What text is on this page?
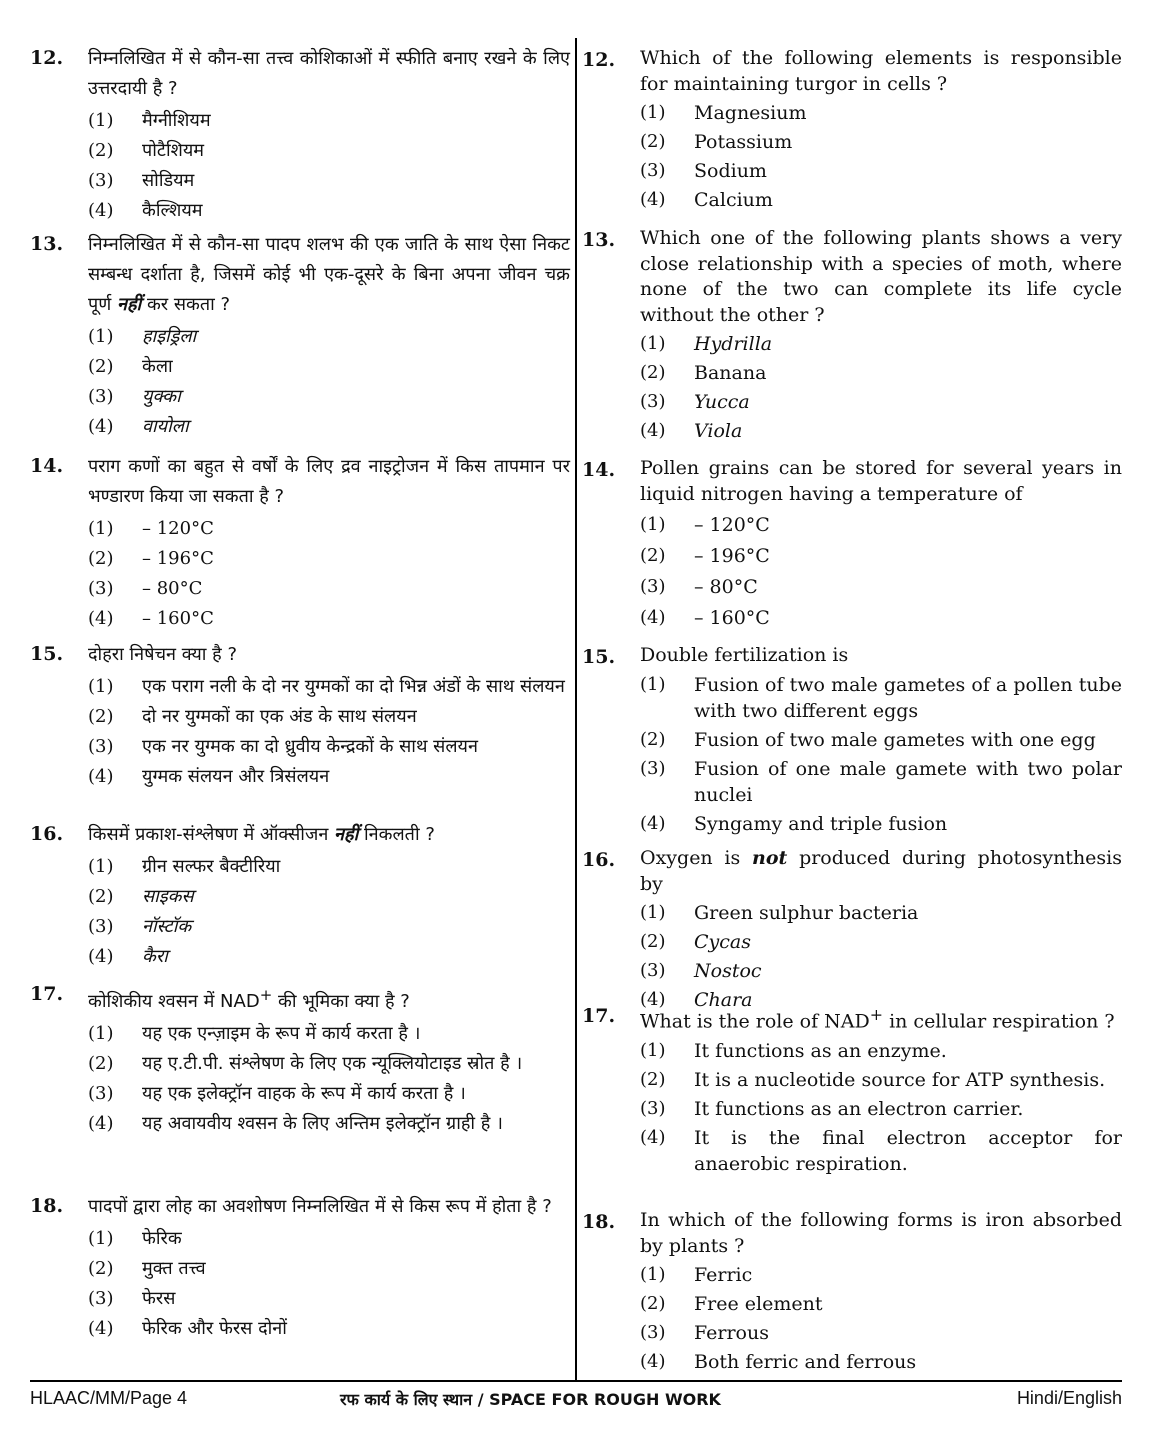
12.	निम्नलिखित में से कौन-सा तत्त्व कोशिकाओं में स्फीति बनाए रखने के लिए उत्तरदायी है ?
(1) मैग्नीशियम
(2) पोटैशियम
(3) सोडियम
(4) कैल्शियम
13.	निम्नलिखित में से कौन-सा पादप शलभ की एक जाति के साथ ऐसा निकट सम्बन्ध दर्शाता है, जिसमें कोई भी एक-दूसरे के बिना अपना जीवन चक्र पूर्ण नहीं कर सकता ?
(1) हाइड्रिला
(2) केला
(3) युक्का
(4) वायोला
14.	पराग कणों का बहुत से वर्षों के लिए द्रव नाइट्रोजन में किस तापमान पर भण्डारण किया जा सकता है ?
(1) – 120°C
(2) – 196°C
(3) – 80°C
(4) – 160°C
15.	दोहरा निषेचन क्या है ?
(1) एक पराग नली के दो नर युग्मकों का दो भिन्न अंडों के साथ संलयन
(2) दो नर युग्मकों का एक अंड के साथ संलयन
(3) एक नर युग्मक का दो ध्रुवीय केन्द्रकों के साथ संलयन
(4) युग्मक संलयन और त्रिसंलयन
16.	किसमें प्रकाश-संश्लेषण में ऑक्सीजन नहीं निकलती ?
(1) ग्रीन सल्फर बैक्टीरिया
(2) साइकस
(3) नॉस्टॉक
(4) कैरा
17.	कोशिकीय श्वसन में NAD+ की भूमिका क्या है ?
(1) यह एक एन्ज़ाइम के रूप में कार्य करता है ।
(2) यह ए.टी.पी. संश्लेषण के लिए एक न्यूक्लियोटाइड स्रोत है ।
(3) यह एक इलेक्ट्रॉन वाहक के रूप में कार्य करता है ।
(4) यह अवायवीय श्वसन के लिए अन्तिम इलेक्ट्रॉन ग्राही है ।
18.	पादपों द्वारा लोह का अवशोषण निम्नलिखित में से किस रूप में होता है ?
(1) फेरिक
(2) मुक्त तत्त्व
(3) फेरस
(4) फेरिक और फेरस दोनों
12.	Which of the following elements is responsible for maintaining turgor in cells ?
(1) Magnesium
(2) Potassium
(3) Sodium
(4) Calcium
13.	Which one of the following plants shows a very close relationship with a species of moth, where none of the two can complete its life cycle without the other ?
(1) Hydrilla
(2) Banana
(3) Yucca
(4) Viola
14.	Pollen grains can be stored for several years in liquid nitrogen having a temperature of
(1) – 120°C
(2) – 196°C
(3) – 80°C
(4) – 160°C
15.	Double fertilization is
(1) Fusion of two male gametes of a pollen tube with two different eggs
(2) Fusion of two male gametes with one egg
(3) Fusion of one male gamete with two polar nuclei
(4) Syngamy and triple fusion
16.	Oxygen is not produced during photosynthesis by
(1) Green sulphur bacteria
(2) Cycas
(3) Nostoc
(4) Chara
17.	What is the role of NAD+ in cellular respiration ?
(1) It functions as an enzyme.
(2) It is a nucleotide source for ATP synthesis.
(3) It functions as an electron carrier.
(4) It is the final electron acceptor for anaerobic respiration.
18.	In which of the following forms is iron absorbed by plants ?
(1) Ferric
(2) Free element
(3) Ferrous
(4) Both ferric and ferrous
HLAAC/MM/Page 4	रफ कार्य के लिए स्थान / SPACE FOR ROUGH WORK	Hindi/English
